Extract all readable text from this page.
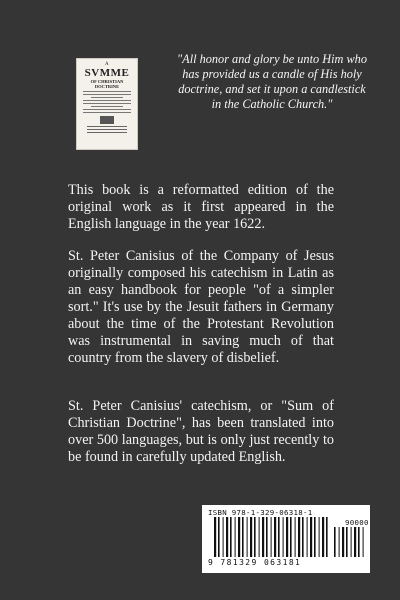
A
SVMME
OF CHRISTIAN
DOCTRINE

"All honor and glory be unto Him who has provided us a candle of His holy doctrine, and set it upon a candlestick in the Catholic Church."

This book is a reformatted edition of the original work as it first appeared in the English language in the year 1622.

St. Peter Canisius of the Company of Jesus originally composed his catechism in Latin as an easy handbook for people "of a simpler sort." It's use by the Jesuit fathers in Germany about the time of the Protestant Revolution was instrumental in saving much of that country from the slavery of disbelief.

St. Peter Canisius' catechism, or "Sum of Christian Doctrine", has been translated into over 500 languages, but is only just recently to be found in carefully updated English.

ISBN 978-1-329-06318-1
90000
9 781329 063181
